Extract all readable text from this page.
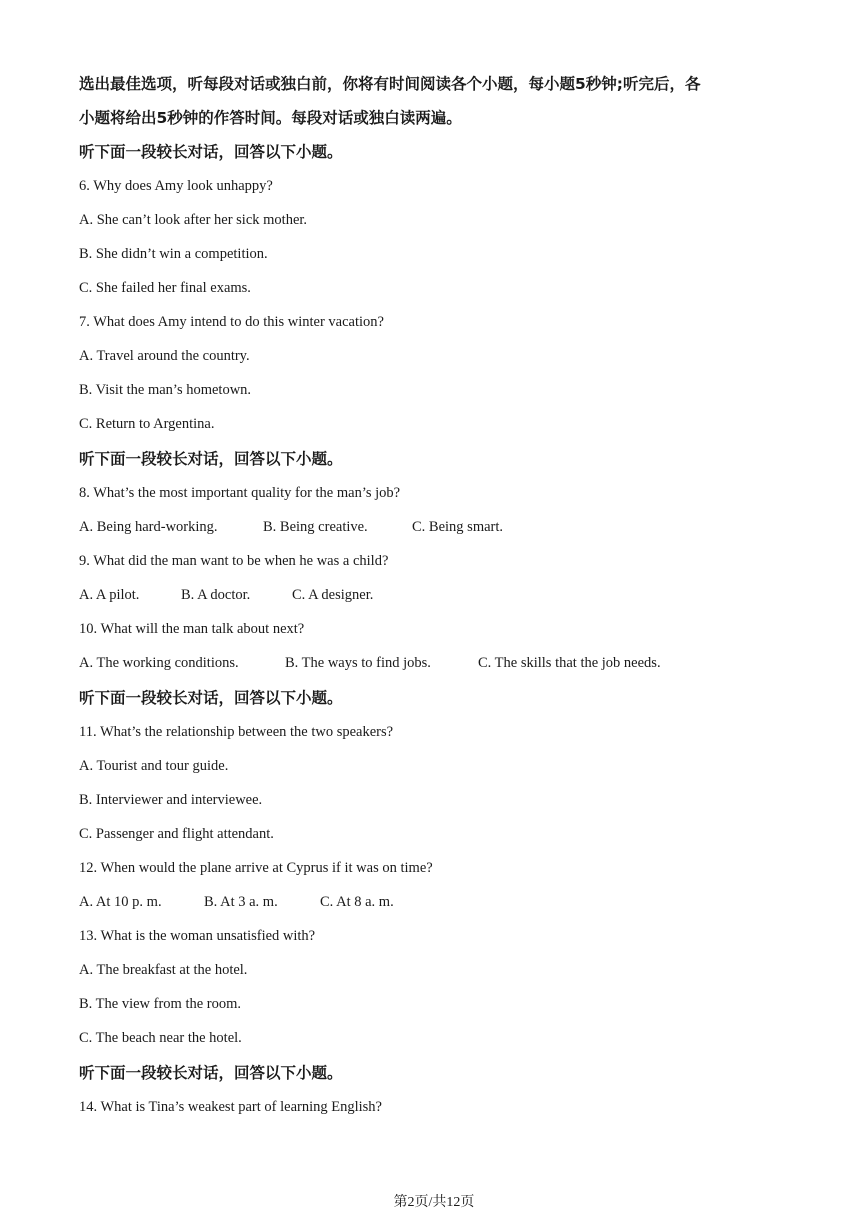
选出最佳选项，听每段对话或独白前，你将有时间阅读各个小题，每小题5秒钟;听完后，各
小题将给出5秒钟的作答时间。每段对话或独白读两遍。
听下面一段较长对话，回答以下小题。
6. Why does Amy look unhappy?
A. She can’t look after her sick mother.
B. She didn’t win a competition.
C. She failed her final exams.
7. What does Amy intend to do this winter vacation?
A. Travel around the country.
B. Visit the man’s hometown.
C. Return to Argentina.
听下面一段较长对话，回答以下小题。
8. What’s the most important quality for the man’s job?
A. Being hard-working.	B. Being creative.	C. Being smart.
9. What did the man want to be when he was a child?
A. A pilot.	B. A doctor.	C. A designer.
10. What will the man talk about next?
A. The working conditions.	B. The ways to find jobs.	C. The skills that the job needs.
听下面一段较长对话，回答以下小题。
11. What’s the relationship between the two speakers?
A. Tourist and tour guide.
B. Interviewer and interviewee.
C. Passenger and flight attendant.
12. When would the plane arrive at Cyprus if it was on time?
A. At 10 p. m.	B. At 3 a. m.	C. At 8 a. m.
13. What is the woman unsatisfied with?
A. The breakfast at the hotel.
B. The view from the room.
C. The beach near the hotel.
听下面一段较长对话，回答以下小题。
14. What is Tina’s weakest part of learning English?
第2页/共12页
